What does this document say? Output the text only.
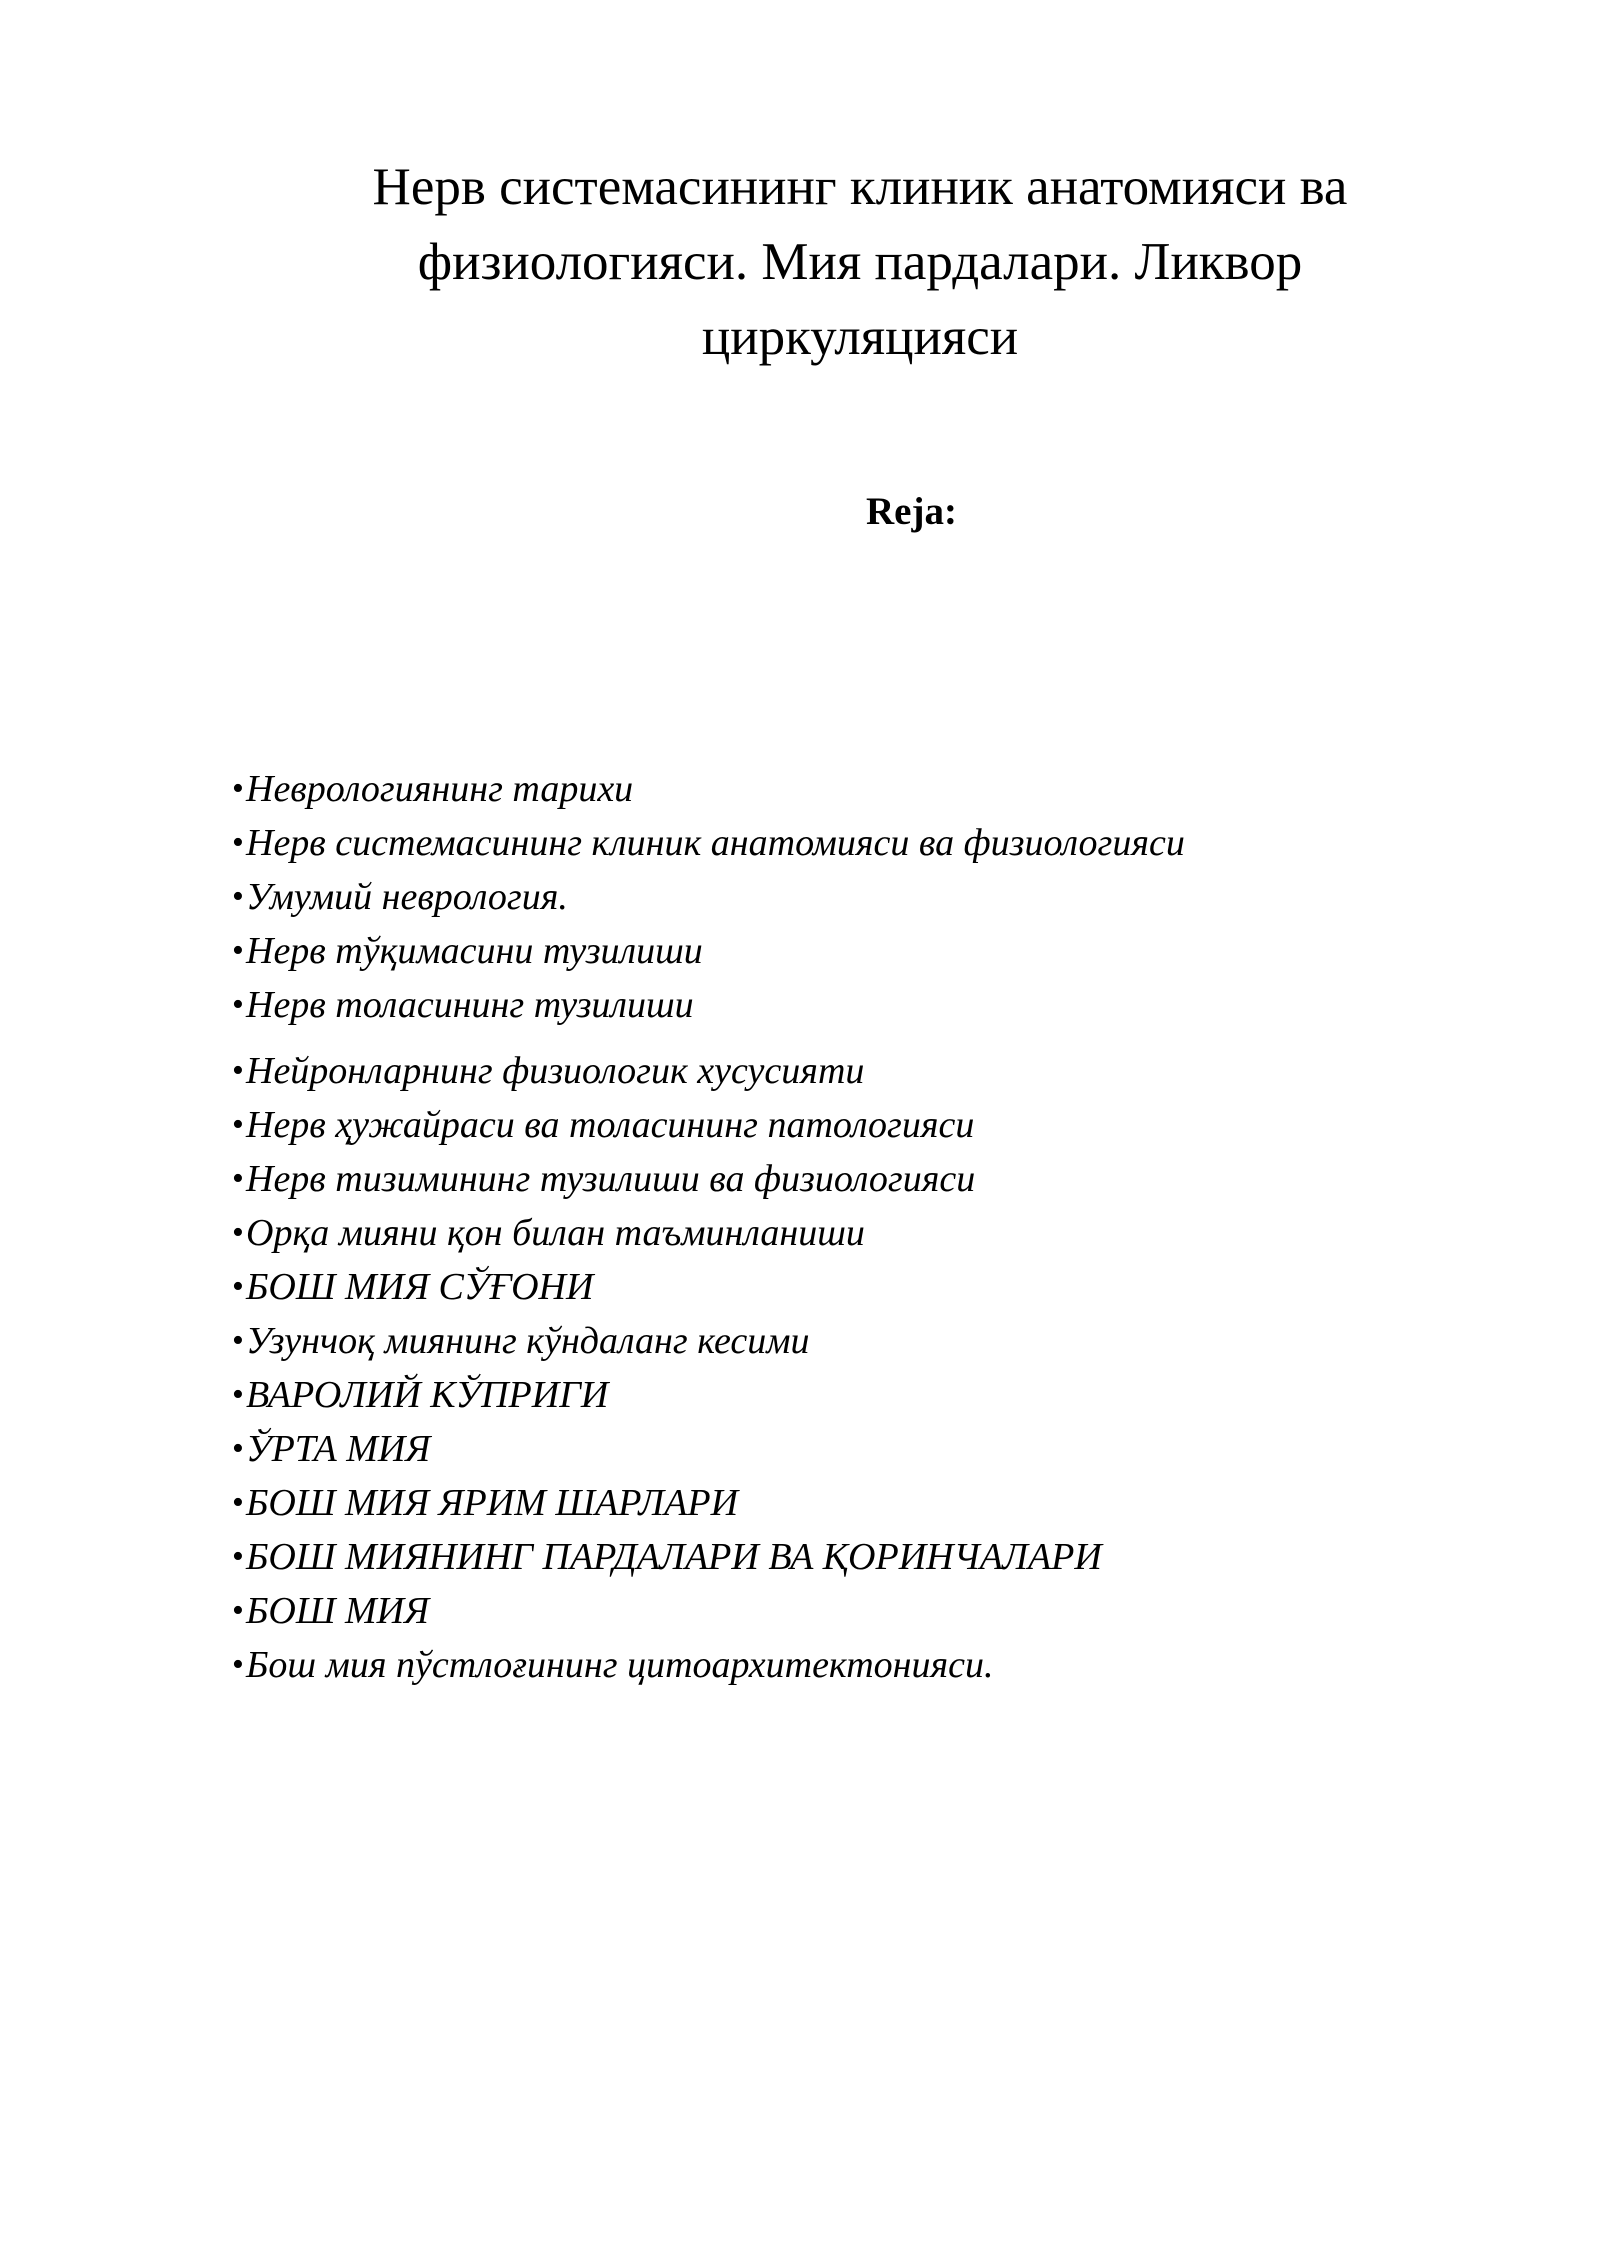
Нерв системасининг клиник анатомияси ва
физиологияси. Мия пардалари. Ликвор
циркуляцияси
Reja:
•Неврологиянинг тарихи
•Нерв системасининг клиник анатомияси ва физиологияси
•Умумий неврология.
•Нерв тўқимасини тузилиши
•Нерв толасининг тузилиши
•Нейронларнинг физиологик хусусияти
•Нерв ҳужайраси ва толасининг патологияси
•Нерв тизимининг тузилиши ва физиологияси
•Орқа мияни қон билан таъминланиши
•БОШ МИЯ СЎҒОНИ
•Узунчоқ миянинг кўндаланг кесими
•ВАРОЛИЙ КЎПРИГИ
•ЎРТА МИЯ
•БОШ МИЯ ЯРИМ ШАРЛАРИ
•БОШ МИЯНИНГ ПАРДАЛАРИ ВА ҚОРИНЧАЛАРИ
•БОШ МИЯ
•Бош мия пўстлоғининг цитоархитектонияси.
